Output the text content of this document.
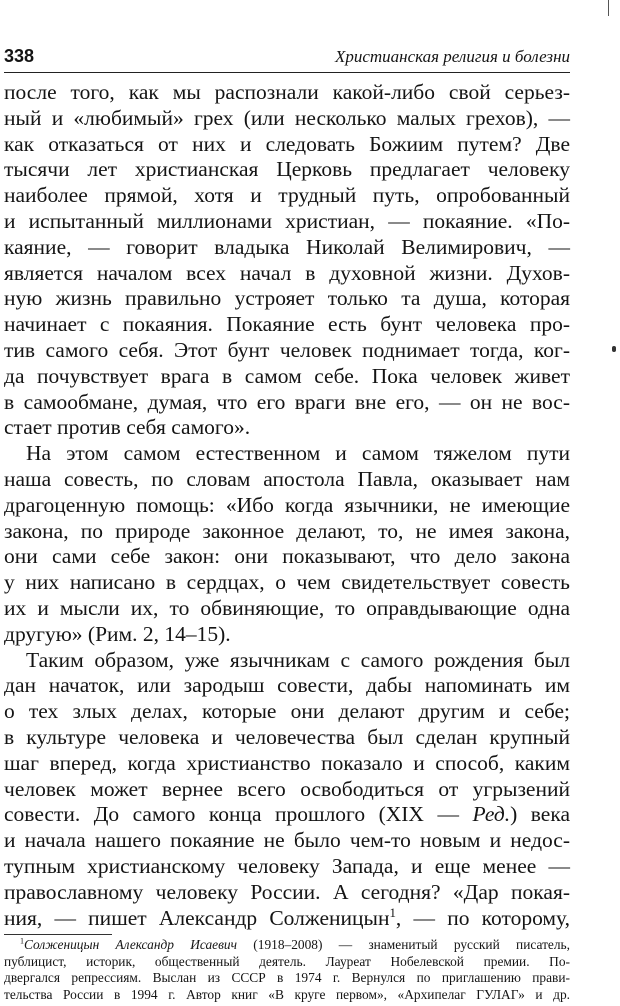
338	Христианская религия и болезни
после того, как мы распознали какой-либо свой серьез-
ный и «любимый» грех (или несколько малых грехов), —
как отказаться от них и следовать Божиим путем? Две
тысячи лет христианская Церковь предлагает человеку
наиболее прямой, хотя и трудный путь, опробованный
и испытанный миллионами христиан, — покаяние. «По-
каяние, — говорит владыка Николай Велимирович, —
является началом всех начал в духовной жизни. Духов-
ную жизнь правильно устрояет только та душа, которая
начинает с покаяния. Покаяние есть бунт человека про-
тив самого себя. Этот бунт человек поднимает тогда, ког-
да почувствует врага в самом себе. Пока человек живет
в самообмане, думая, что его враги вне его, — он не вос-
стает против себя самого».
На этом самом естественном и самом тяжелом пути
наша совесть, по словам апостола Павла, оказывает нам
драгоценную помощь: «Ибо когда язычники, не имеющие
закона, по природе законное делают, то, не имея закона,
они сами себе закон: они показывают, что дело закона
у них написано в сердцах, о чем свидетельствует совесть
их и мысли их, то обвиняющие, то оправдывающие одна
другую» (Рим. 2, 14–15).
Таким образом, уже язычникам с самого рождения был
дан начаток, или зародыш совести, дабы напоминать им
о тех злых делах, которые они делают другим и себе;
в культуре человека и человечества был сделан крупный
шаг вперед, когда христианство показало и способ, каким
человек может вернее всего освободиться от угрызений
совести. До самого конца прошлого (XIX — Ред.) века
и начала нашего покаяние не было чем-то новым и недос-
тупным христианскому человеку Запада, и еще менее —
православному человеку России. А сегодня? «Дар покая-
ния, — пишет Александр Солженицын$^1$, — по которому,
$^1$Солженицын Александр Исаевич (1918–2008) — знаменитый русский писатель,
публицист, историк, общественный деятель. Лауреат Нобелевской премии. По-
двергался репрессиям. Выслан из СССР в 1974 г. Вернулся по приглашению прави-
тельства России в 1994 г. Автор книг «В круге первом», «Архипелаг ГУЛАГ» и др.
